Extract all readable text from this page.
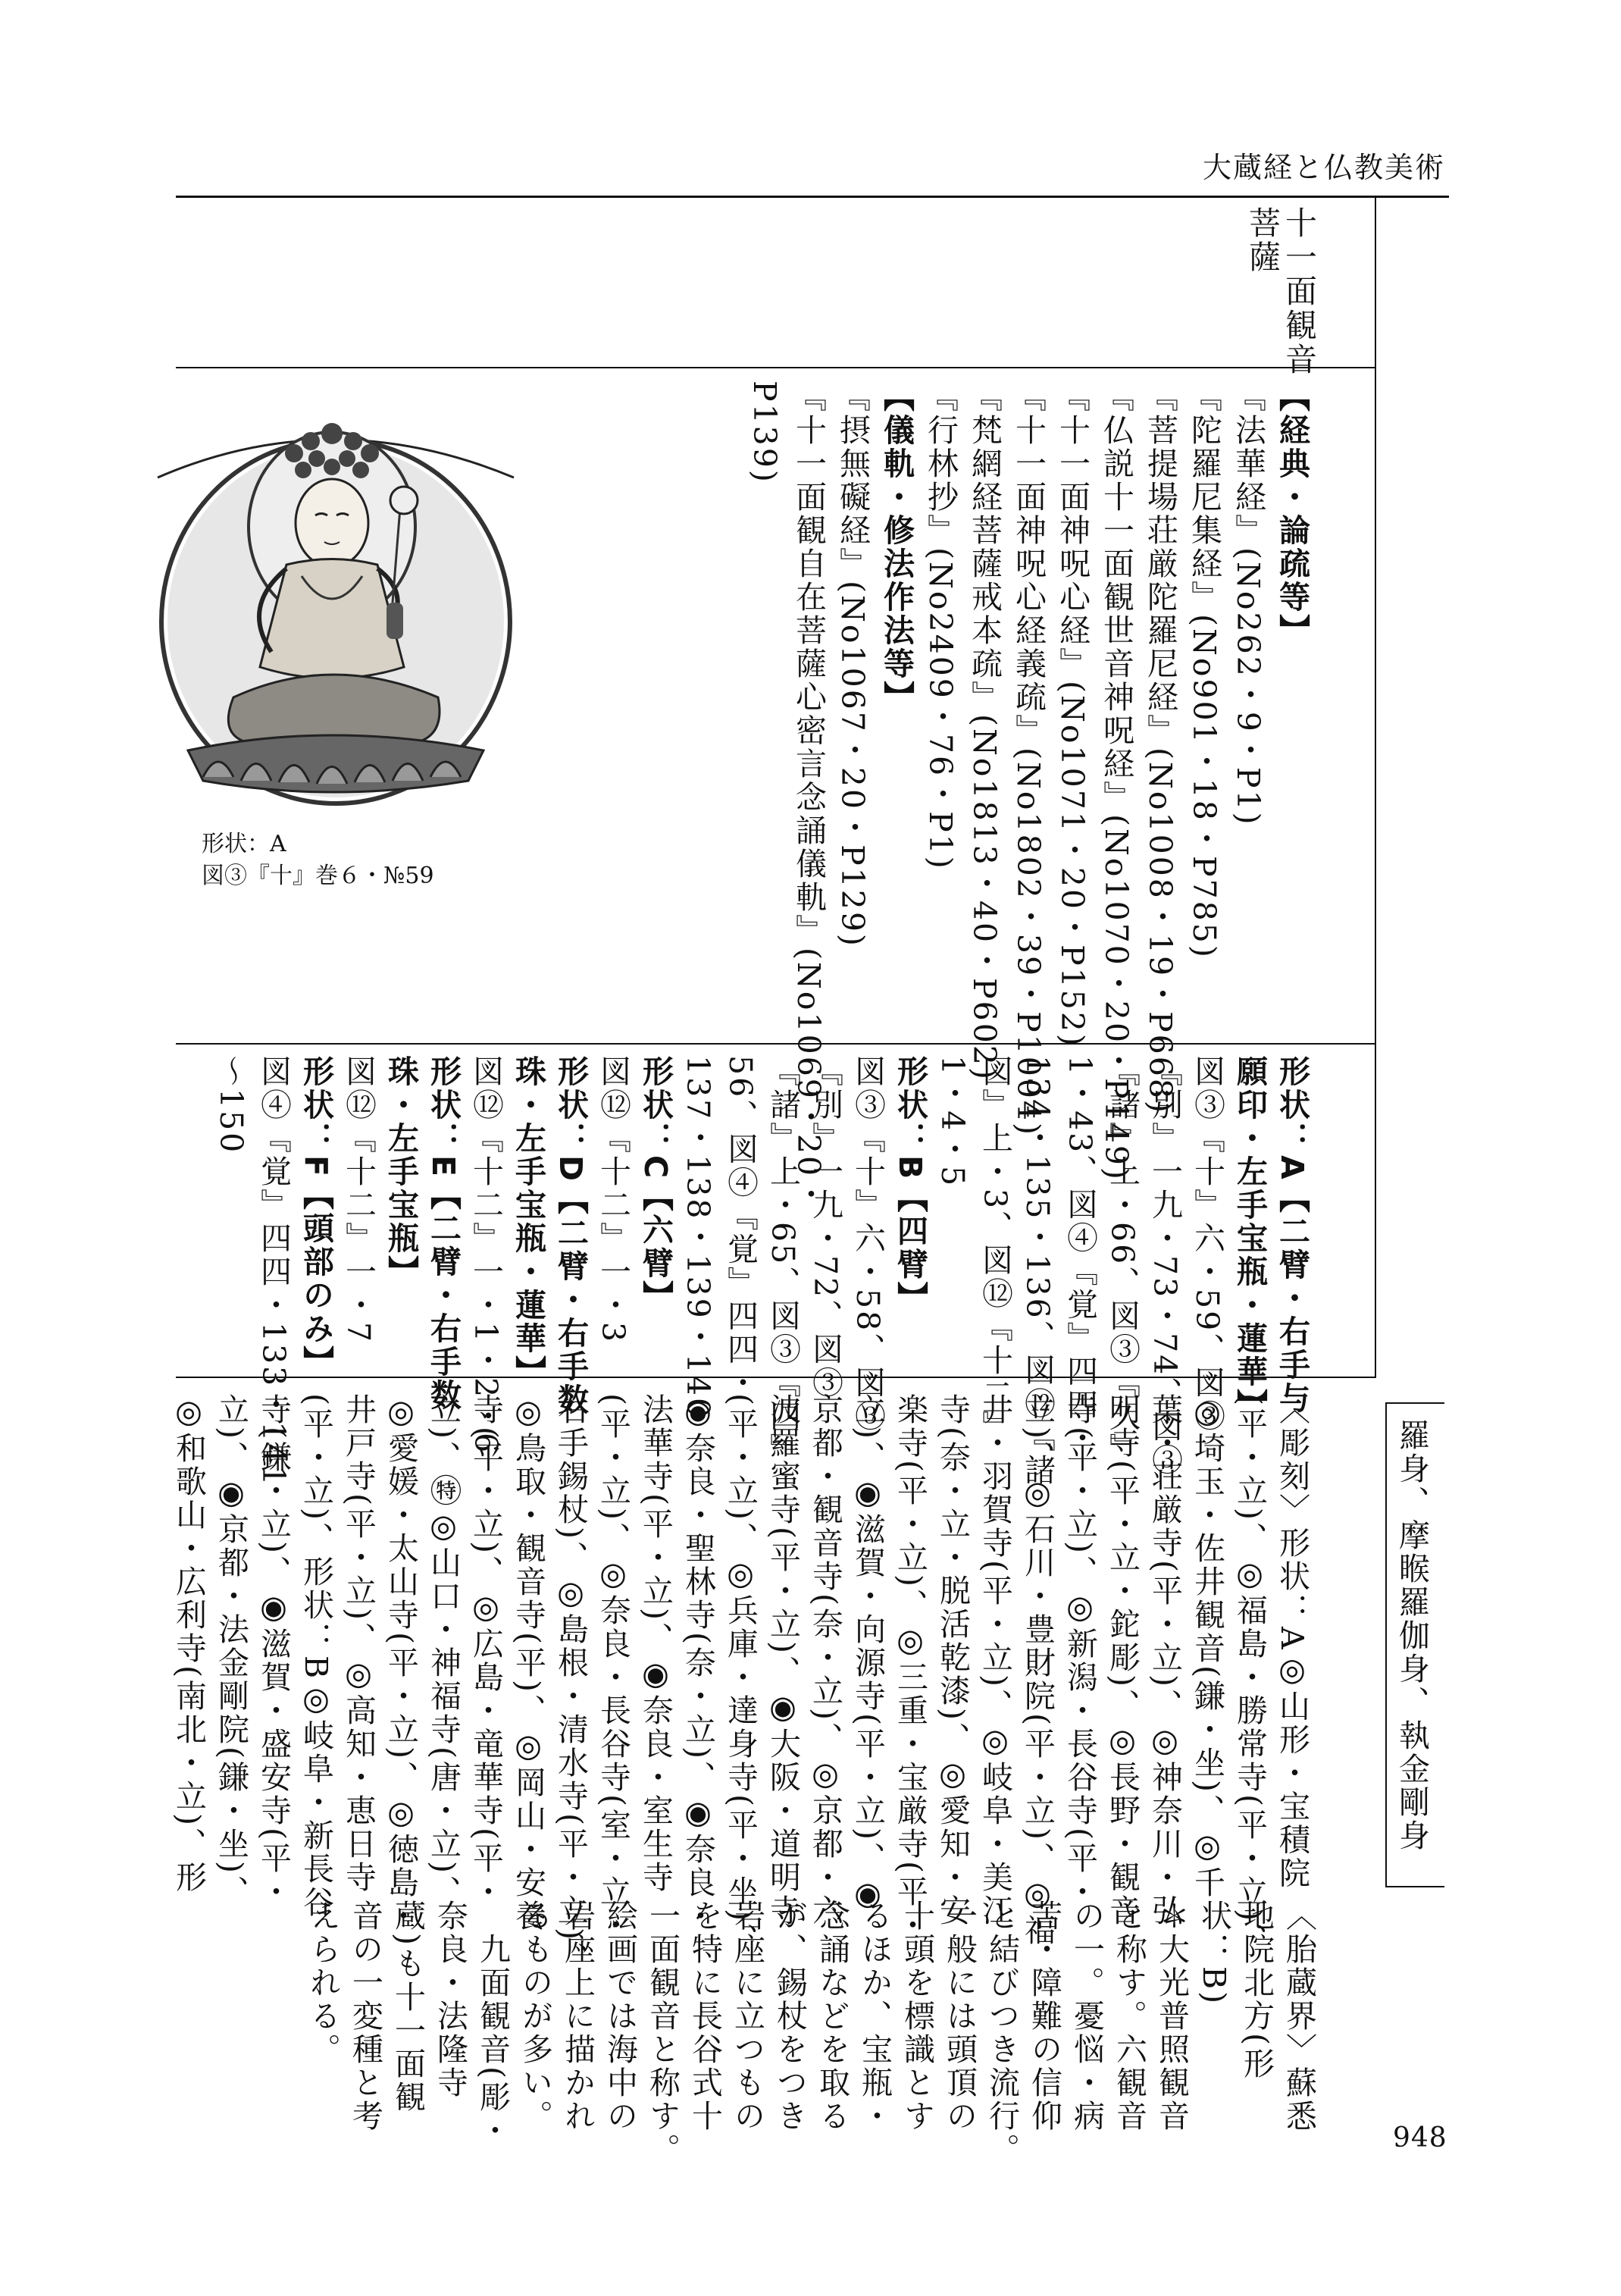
大蔵経と仏教美術
十一面観音
菩薩
形状：A
図③『十』巻６・№59
【経典・論疏等】
『法華経』(No262・9・P1)
『陀羅尼集経』(No901・18・P785)
『菩提場荘厳陀羅尼経』(No1008・19・P668)
『仏説十一面観世音神呪経』(No1070・20・P149)
『十一面神呪心経』(No1071・20・P152)
『十一面神呪心経義疏』(No1802・39・P1004)
『梵網経菩薩戒本疏』(No1813・40・P602)
『行林抄』(No2409・76・P1)
【儀軌・修法作法等】
『摂無礙経』(No1067・20・P129)
『十一面観自在菩薩心密言念誦儀軌』(No1069・20・
P139)
形状：A【二臂・右手与
願印・左手宝瓶・蓮華】
図③『十』六・59、図③
『別』一九・73・74、図③
『諸』上・66、図③『久』
1・43、図④『覚』四四・
134・135・136、図⑫『諸
図』上・3、図⑫『十二』
1・4・5
形状：B【四臂】
図③『十』六・58、図③
『別』一九・72、図③
『諸』上・65、図③『四』
56、図④『覚』四四・
137・138・139・140
形状：C【六臂】
図⑫『十二』一・3
形状：D【二臂・右手数
珠・左手宝瓶・蓮華】
図⑫『十二』一・1・2・6
形状：E【二臂・右手数
珠・左手宝瓶】
図⑫『十二』一・7
形状：F【頭部のみ】
図④『覚』四四・133・141
～150
羅身、摩睺羅伽身、執金剛身
〈彫刻〉形状：A◎山形・宝積院
(平・立)、◎福島・勝常寺(平・立)、
◎埼玉・佐井観音(鎌・坐)、◎千
葉・荘厳寺(平・立)、◎神奈川・弘
明寺(平・立・鉈彫)、◎長野・観音
寺(平・立)、◎新潟・長谷寺(平・
立)、◎石川・豊財院(平・立)、◎福
井・羽賀寺(平・立)、◎岐阜・美江
寺(奈・立・脱活乾漆)、◎愛知・安
楽寺(平・立)、◎三重・宝厳寺(平・
立)、◉滋賀・向源寺(平・立)、◉
京都・観音寺(奈・立)、◎京都・六
波羅蜜寺(平・立)、◉大阪・道明寺
(平・立)、◎兵庫・達身寺(平・坐)、
◉奈良・聖林寺(奈・立)、◉奈良・
法華寺(平・立)、◉奈良・室生寺
(平・立)、◎奈良・長谷寺(室・立・
右手錫杖)、◎島根・清水寺(平・立)、
◎鳥取・観音寺(平)、◎岡山・安養
寺(平・立)、◎広島・竜華寺(平・
立)、㊕◎山口・神福寺(唐・立)、
◎愛媛・太山寺(平・立)、◎徳島・
井戸寺(平・立)、◎高知・恵日寺
(平・立)、形状：B◎岐阜・新長谷
寺(鎌・立)、◉滋賀・盛安寺(平・
立)、◉京都・法金剛院(鎌・坐)、
◎和歌山・広利寺(南北・立)、形
〈胎蔵界〉蘇悉
地院北方(形
状：B)
＊大光普照観音
と称す。六観音
の一。憂悩・病
苦・障難の信仰
と結びつき流行。
一般には頭頂の
十頭を標識とす
るほか、宝瓶・
念誦などを取る
が、錫杖をつき
岩座に立つもの
を特に長谷式十
一面観音と称す。
絵画では海中の
岩座上に描かれ
るものが多い。
　九面観音(彫・
奈良・法隆寺
蔵)も十一面観
音の一変種と考
えられる。
948
